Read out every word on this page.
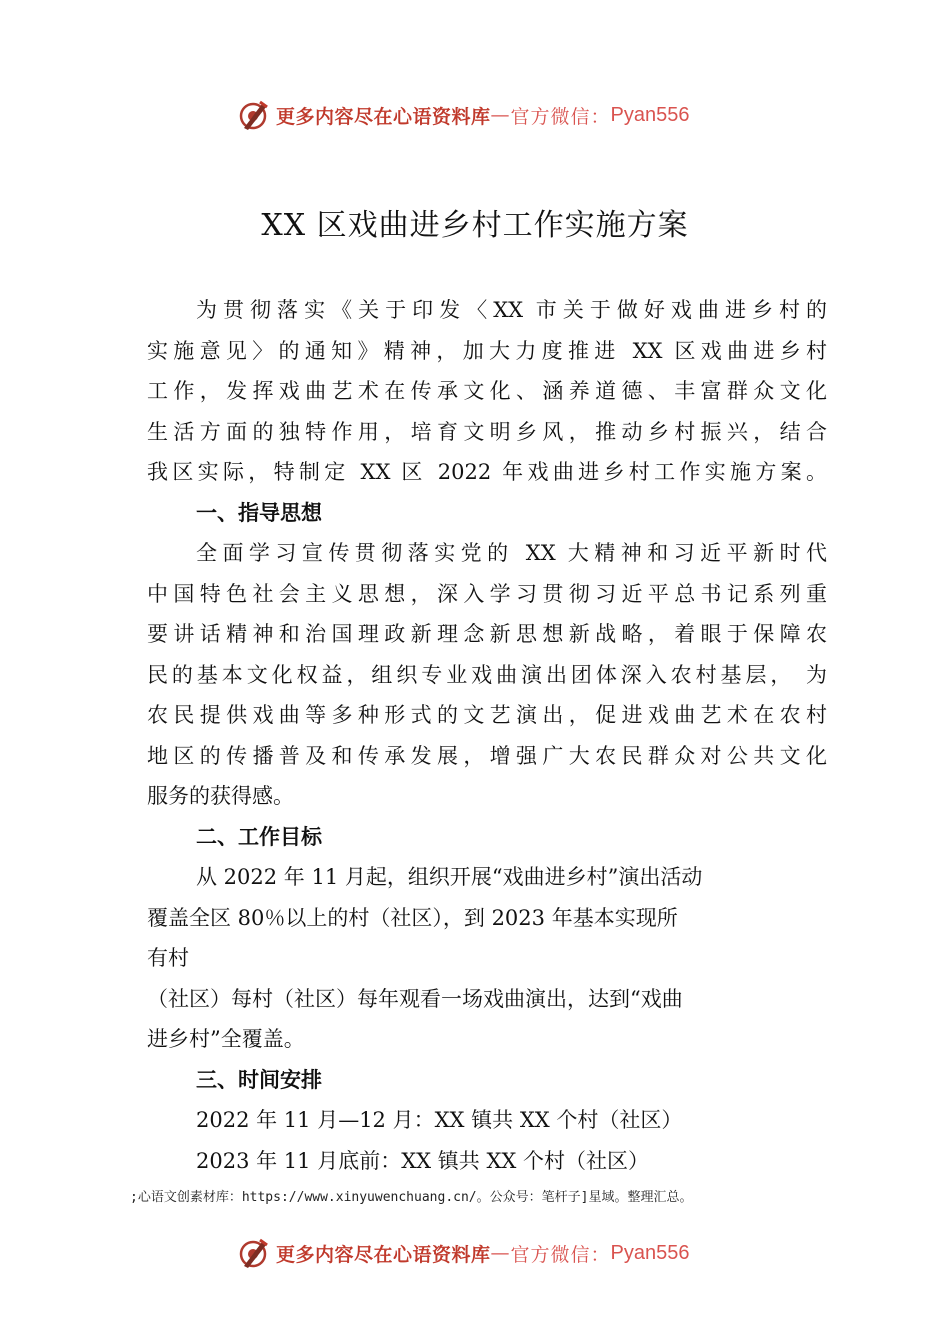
更多内容尽在心语资料库 — 官方微信： Pyan556
XX 区戏曲进乡村工作实施方案
为贯彻落实《关于印发〈XX 市关于做好戏曲进乡村的
实施意见〉的通知》精神，加大力度推进 XX 区戏曲进乡村
工作，发挥戏曲艺术在传承文化、涵养道德、丰富群众文化
生活方面的独特作用，培育文明乡风，推动乡村振兴，结合
我区实际，特制定 XX 区 2022 年戏曲进乡村工作实施方案。
一、指导思想
全面学习宣传贯彻落实党的 XX 大精神和习近平新时代
中国特色社会主义思想，深入学习贯彻习近平总书记系列重
要讲话精神和治国理政新理念新思想新战略，着眼于保障农
民的基本文化权益，组织专业戏曲演出团体深入农村基层， 为
农民提供戏曲等多种形式的文艺演出，促进戏曲艺术在农村
地区的传播普及和传承发展，增强广大农民群众对公共文化
服务的获得感。
二、工作目标
从 2022 年 11 月起，组织开展“戏曲进乡村”演出活动
覆盖全区 80％以上的村（社区），到 2023 年基本实现所
有村
（社区）每村（社区）每年观看一场戏曲演出，达到“戏曲
进乡村”全覆盖。
三、时间安排
2022 年 11 月—12 月：XX 镇共 XX 个村（社区）
2023 年 11 月底前：XX 镇共 XX 个村（社区）
;心语文创素材库：https://www.xinyuwenchuang.cn/。公众号：笔杆子]星域。整理汇总。
更多内容尽在心语资料库 — 官方微信： Pyan556
